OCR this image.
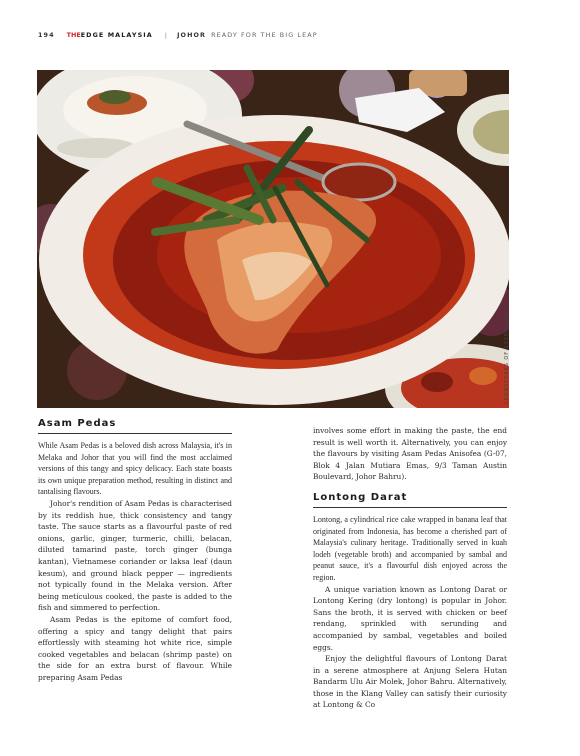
194 THE EDGE MALAYSIA | JOHOR READY FOR THE BIG LEAP
LEONSTEAKS OF 123RF.COM
Asam Pedas

While Asam Pedas is a beloved dish across Malaysia, it's in Melaka and Johor that you will find the most acclaimed versions of this tangy and spicy delicacy. Each state boasts its own unique preparation method, resulting in distinct and tantalising flavours.

Johor's rendition of Asam Pedas is characterised by its reddish hue, thick consistency and tangy taste. The sauce starts as a flavourful paste of red onions, garlic, ginger, turmeric, chilli, belacan, diluted tamarind paste, torch ginger (bunga kantan), Vietnamese coriander or laksa leaf (daun kesum), and ground black pepper — ingredients not typically found in the Melaka version. After being meticulous cooked, the paste is added to the fish and simmered to perfection.

Asam Pedas is the epitome of comfort food, offering a spicy and tangy delight that pairs effortlessly with steaming hot white rice, simple cooked vegetables and belacan (shrimp paste) on the side for an extra burst of flavour. While preparing Asam Pedas

involves some effort in making the paste, the end result is well worth it. Alternatively, you can enjoy the flavours by visiting Asam Pedas Anisofea (G-07, Blok 4 Jalan Mutiara Emas, 9/3 Taman Austin Boulevard, Johor Bahru).

Lontong Darat

Lontong, a cylindrical rice cake wrapped in banana leaf that originated from Indonesia, has become a cherished part of Malaysia's culinary heritage. Traditionally served in kuah lodeh (vegetable broth) and accompanied by sambal and peanut sauce, it's a flavourful dish enjoyed across the region.

A unique variation known as Lontong Darat or Lontong Kering (dry lontong) is popular in Johor. Sans the broth, it is served with chicken or beef rendang, sprinkled with serunding and accompanied by sambal, vegetables and boiled eggs.

Enjoy the delightful flavours of Lontong Darat in a serene atmosphere at Anjung Selera Hutan Bandarm Ulu Air Molek, Johor Bahru. Alternatively, those in the Klang Valley can satisfy their curiosity at Lontong & Co
